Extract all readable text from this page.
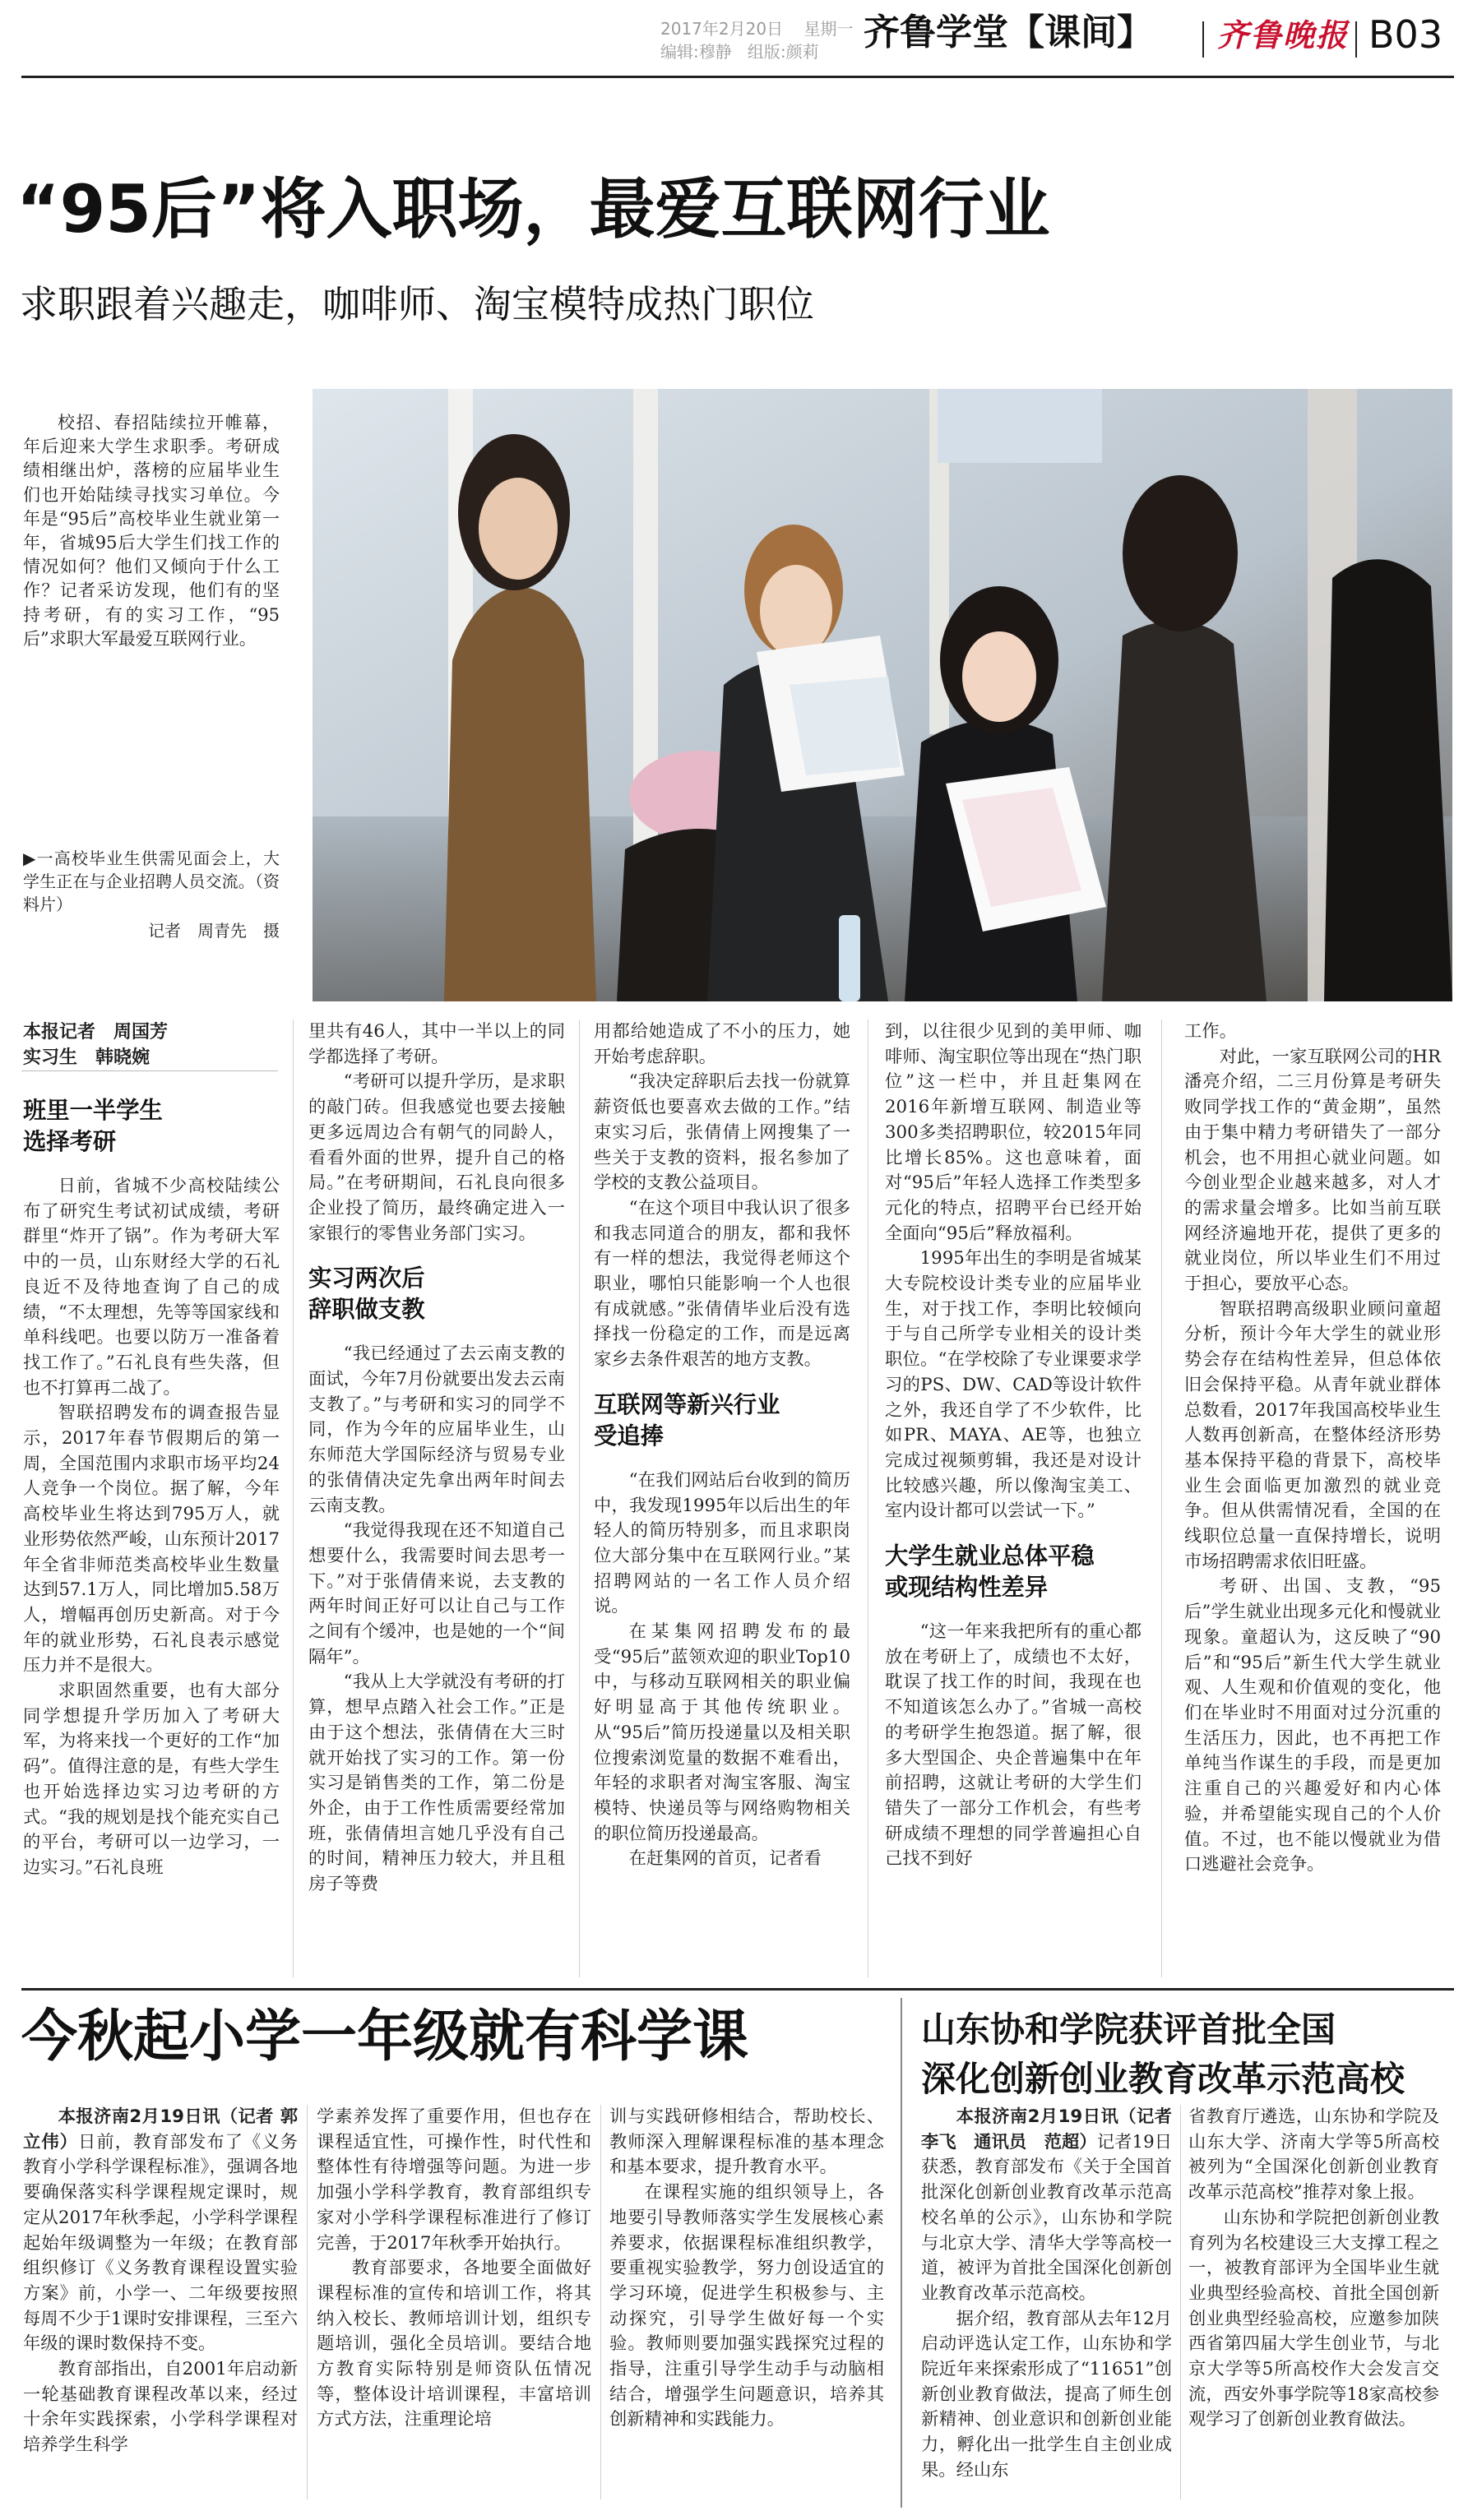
2017年2月20日 星期一
编辑:穆静 组版:颜莉 齐鲁学堂【课间】 齐鲁晚报 B03
“95后”将入职场，最爱互联网行业
求职跟着兴趣走，咖啡师、淘宝模特成热门职位
校招、春招陆续拉开帷幕，年后迎来大学生求职季。考研成绩相继出炉，落榜的应届毕业生们也开始陆续寻找实习单位。今年是“95后”高校毕业生就业第一年，省城95后大学生们找工作的情况如何？他们又倾向于什么工作？记者采访发现，他们有的坚持考研，有的实习工作，“95后”求职大军最爱互联网行业。
▶一高校毕业生供需见面会上，大学生正在与企业招聘人员交流。（资料片）
记者　周青先　摄
本报记者　周国芳
实习生　韩晓婉
班里一半学生
选择考研

日前，省城不少高校陆续公布了研究生考试初试成绩，考研群里“炸开了锅”。作为考研大军中的一员，山东财经大学的石礼良近不及待地查询了自己的成绩，“不太理想，先等等国家线和单科线吧。也要以防万一准备着找工作了。”石礼良有些失落，但也不打算再二战了。

智联招聘发布的调查报告显示，2017年春节假期后的第一周，全国范围内求职市场平均24人竞争一个岗位。据了解，今年高校毕业生将达到795万人，就业形势依然严峻，山东预计2017年全省非师范类高校毕业生数量达到57.1万人，同比增加5.58万人，增幅再创历史新高。对于今年的就业形势，石礼良表示感觉压力并不是很大。

求职固然重要，也有大部分同学想提升学历加入了考研大军，为将来找一个更好的工作“加码”。值得注意的是，有些大学生也开始选择边实习边考研的方式。“我的规划是找个能充实自己的平台，考研可以一边学习，一边实习。”石礼良班

里共有46人，其中一半以上的同学都选择了考研。

“考研可以提升学历，是求职的敲门砖。但我感觉也要去接触更多远周边合有朝气的同龄人，看看外面的世界，提升自己的格局。”在考研期间，石礼良向很多企业投了简历，最终确定进入一家银行的零售业务部门实习。

实习两次后
辞职做支教

“我已经通过了去云南支教的面试，今年7月份就要出发去云南支教了。”与考研和实习的同学不同，作为今年的应届毕业生，山东师范大学国际经济与贸易专业的张倩倩决定先拿出两年时间去云南支教。

“我觉得我现在还不知道自己想要什么，我需要时间去思考一下。”对于张倩倩来说，去支教的两年时间正好可以让自己与工作之间有个缓冲，也是她的一个“间隔年”。

“我从上大学就没有考研的打算，想早点踏入社会工作。”正是由于这个想法，张倩倩在大三时就开始找了实习的工作。第一份实习是销售类的工作，第二份是外企，由于工作性质需要经常加班，张倩倩坦言她几乎没有自己的时间，精神压力较大，并且租房子等费

用都给她造成了不小的压力，她开始考虑辞职。

“我决定辞职后去找一份就算薪资低也要喜欢去做的工作。”结束实习后，张倩倩上网搜集了一些关于支教的资料，报名参加了学校的支教公益项目。

“在这个项目中我认识了很多和我志同道合的朋友，都和我怀有一样的想法，我觉得老师这个职业，哪怕只能影响一个人也很有成就感。”张倩倩毕业后没有选择找一份稳定的工作，而是远离家乡去条件艰苦的地方支教。

互联网等新兴行业
受追捧

“在我们网站后台收到的简历中，我发现1995年以后出生的年轻人的简历特别多，而且求职岗位大部分集中在互联网行业。”某招聘网站的一名工作人员介绍说。

在某集网招聘发布的最受“95后”蓝领欢迎的职业Top10中，与移动互联网相关的职业偏好明显高于其他传统职业。从“95后”简历投递量以及相关职位搜索浏览量的数据不难看出，年轻的求职者对淘宝客服、淘宝模特、快递员等与网络购物相关的职位简历投递最高。

在赶集网的首页，记者看

到，以往很少见到的美甲师、咖啡师、淘宝职位等出现在“热门职位”这一栏中，并且赶集网在2016年新增互联网、制造业等300多类招聘职位，较2015年同比增长85%。这也意味着，面对“95后”年轻人选择工作类型多元化的特点，招聘平台已经开始全面向“95后”释放福利。

1995年出生的李明是省城某大专院校设计类专业的应届毕业生，对于找工作，李明比较倾向于与自己所学专业相关的设计类职位。“在学校除了专业课要求学习的PS、DW、CAD等设计软件之外，我还自学了不少软件，比如PR、MAYA、AE等，也独立完成过视频剪辑，我还是对设计比较感兴趣，所以像淘宝美工、室内设计都可以尝试一下。”

大学生就业总体平稳
或现结构性差异

“这一年来我把所有的重心都放在考研上了，成绩也不太好，耽误了找工作的时间，我现在也不知道该怎么办了。”省城一高校的考研学生抱怨道。据了解，很多大型国企、央企普遍集中在年前招聘，这就让考研的大学生们错失了一部分工作机会，有些考研成绩不理想的同学普遍担心自己找不到好

工作。

对此，一家互联网公司的HR潘亮介绍，二三月份算是考研失败同学找工作的“黄金期”，虽然由于集中精力考研错失了一部分机会，也不用担心就业问题。如今创业型企业越来越多，对人才的需求量会增多。比如当前互联网经济遍地开花，提供了更多的就业岗位，所以毕业生们不用过于担心，要放平心态。

智联招聘高级职业顾问童超分析，预计今年大学生的就业形势会存在结构性差异，但总体依旧会保持平稳。从青年就业群体总数看，2017年我国高校毕业生人数再创新高，在整体经济形势基本保持平稳的背景下，高校毕业生会面临更加激烈的就业竞争。但从供需情况看，全国的在线职位总量一直保持增长，说明市场招聘需求依旧旺盛。

考研、出国、支教，“95后”学生就业出现多元化和慢就业现象。童超认为，这反映了“90后”和“95后”新生代大学生就业观、人生观和价值观的变化，他们在毕业时不用面对过分沉重的生活压力，因此，也不再把工作单纯当作谋生的手段，而是更加注重自己的兴趣爱好和内心体验，并希望能实现自己的个人价值。不过，也不能以慢就业为借口逃避社会竞争。

今秋起小学一年级就有科学课

本报济南2月19日讯（记者 郭立伟）日前，教育部发布了《义务教育小学科学课程标准》，强调各地要确保落实科学课程规定课时，规定从2017年秋季起，小学科学课程起始年级调整为一年级；在教育部组织修订《义务教育课程设置实验方案》前，小学一、二年级要按照每周不少于1课时安排课程，三至六年级的课时数保持不变。

教育部指出，自2001年启动新一轮基础教育课程改革以来，经过十余年实践探索，小学科学课程对培养学生科学

学素养发挥了重要作用，但也存在课程适宜性，可操作性，时代性和整体性有待增强等问题。为进一步加强小学科学教育，教育部组织专家对小学科学课程标准进行了修订完善，于2017年秋季开始执行。

教育部要求，各地要全面做好课程标准的宣传和培训工作，将其纳入校长、教师培训计划，组织专题培训，强化全员培训。要结合地方教育实际特别是师资队伍情况等，整体设计培训课程，丰富培训方式方法，注重理论培

训与实践研修相结合，帮助校长、教师深入理解课程标准的基本理念和基本要求，提升教育水平。

在课程实施的组织领导上，各地要引导教师落实学生发展核心素养要求，依据课程标准组织教学，要重视实验教学，努力创设适宜的学习环境，促进学生积极参与、主动探究，引导学生做好每一个实验。教师则要加强实践探究过程的指导，注重引导学生动手与动脑相结合，增强学生问题意识，培养其创新精神和实践能力。

山东协和学院获评首批全国
深化创新创业教育改革示范高校

本报济南2月19日讯（记者 李飞　通讯员　范超）记者19日获悉，教育部发布《关于全国首批深化创新创业教育改革示范高校名单的公示》，山东协和学院与北京大学、清华大学等高校一道，被评为首批全国深化创新创业教育改革示范高校。

据介绍，教育部从去年12月启动评选认定工作，山东协和学院近年来探索形成了“11651”创新创业教育做法，提高了师生创新精神、创业意识和创新创业能力，孵化出一批学生自主创业成果。经山东

省教育厅遴选，山东协和学院及山东大学、济南大学等5所高校被列为“全国深化创新创业教育改革示范高校”推荐对象上报。

山东协和学院把创新创业教育列为名校建设三大支撑工程之一，被教育部评为全国毕业生就业典型经验高校、首批全国创新创业典型经验高校，应邀参加陕西省第四届大学生创业节，与北京大学等5所高校作大会发言交流，西安外事学院等18家高校参观学习了创新创业教育做法。
